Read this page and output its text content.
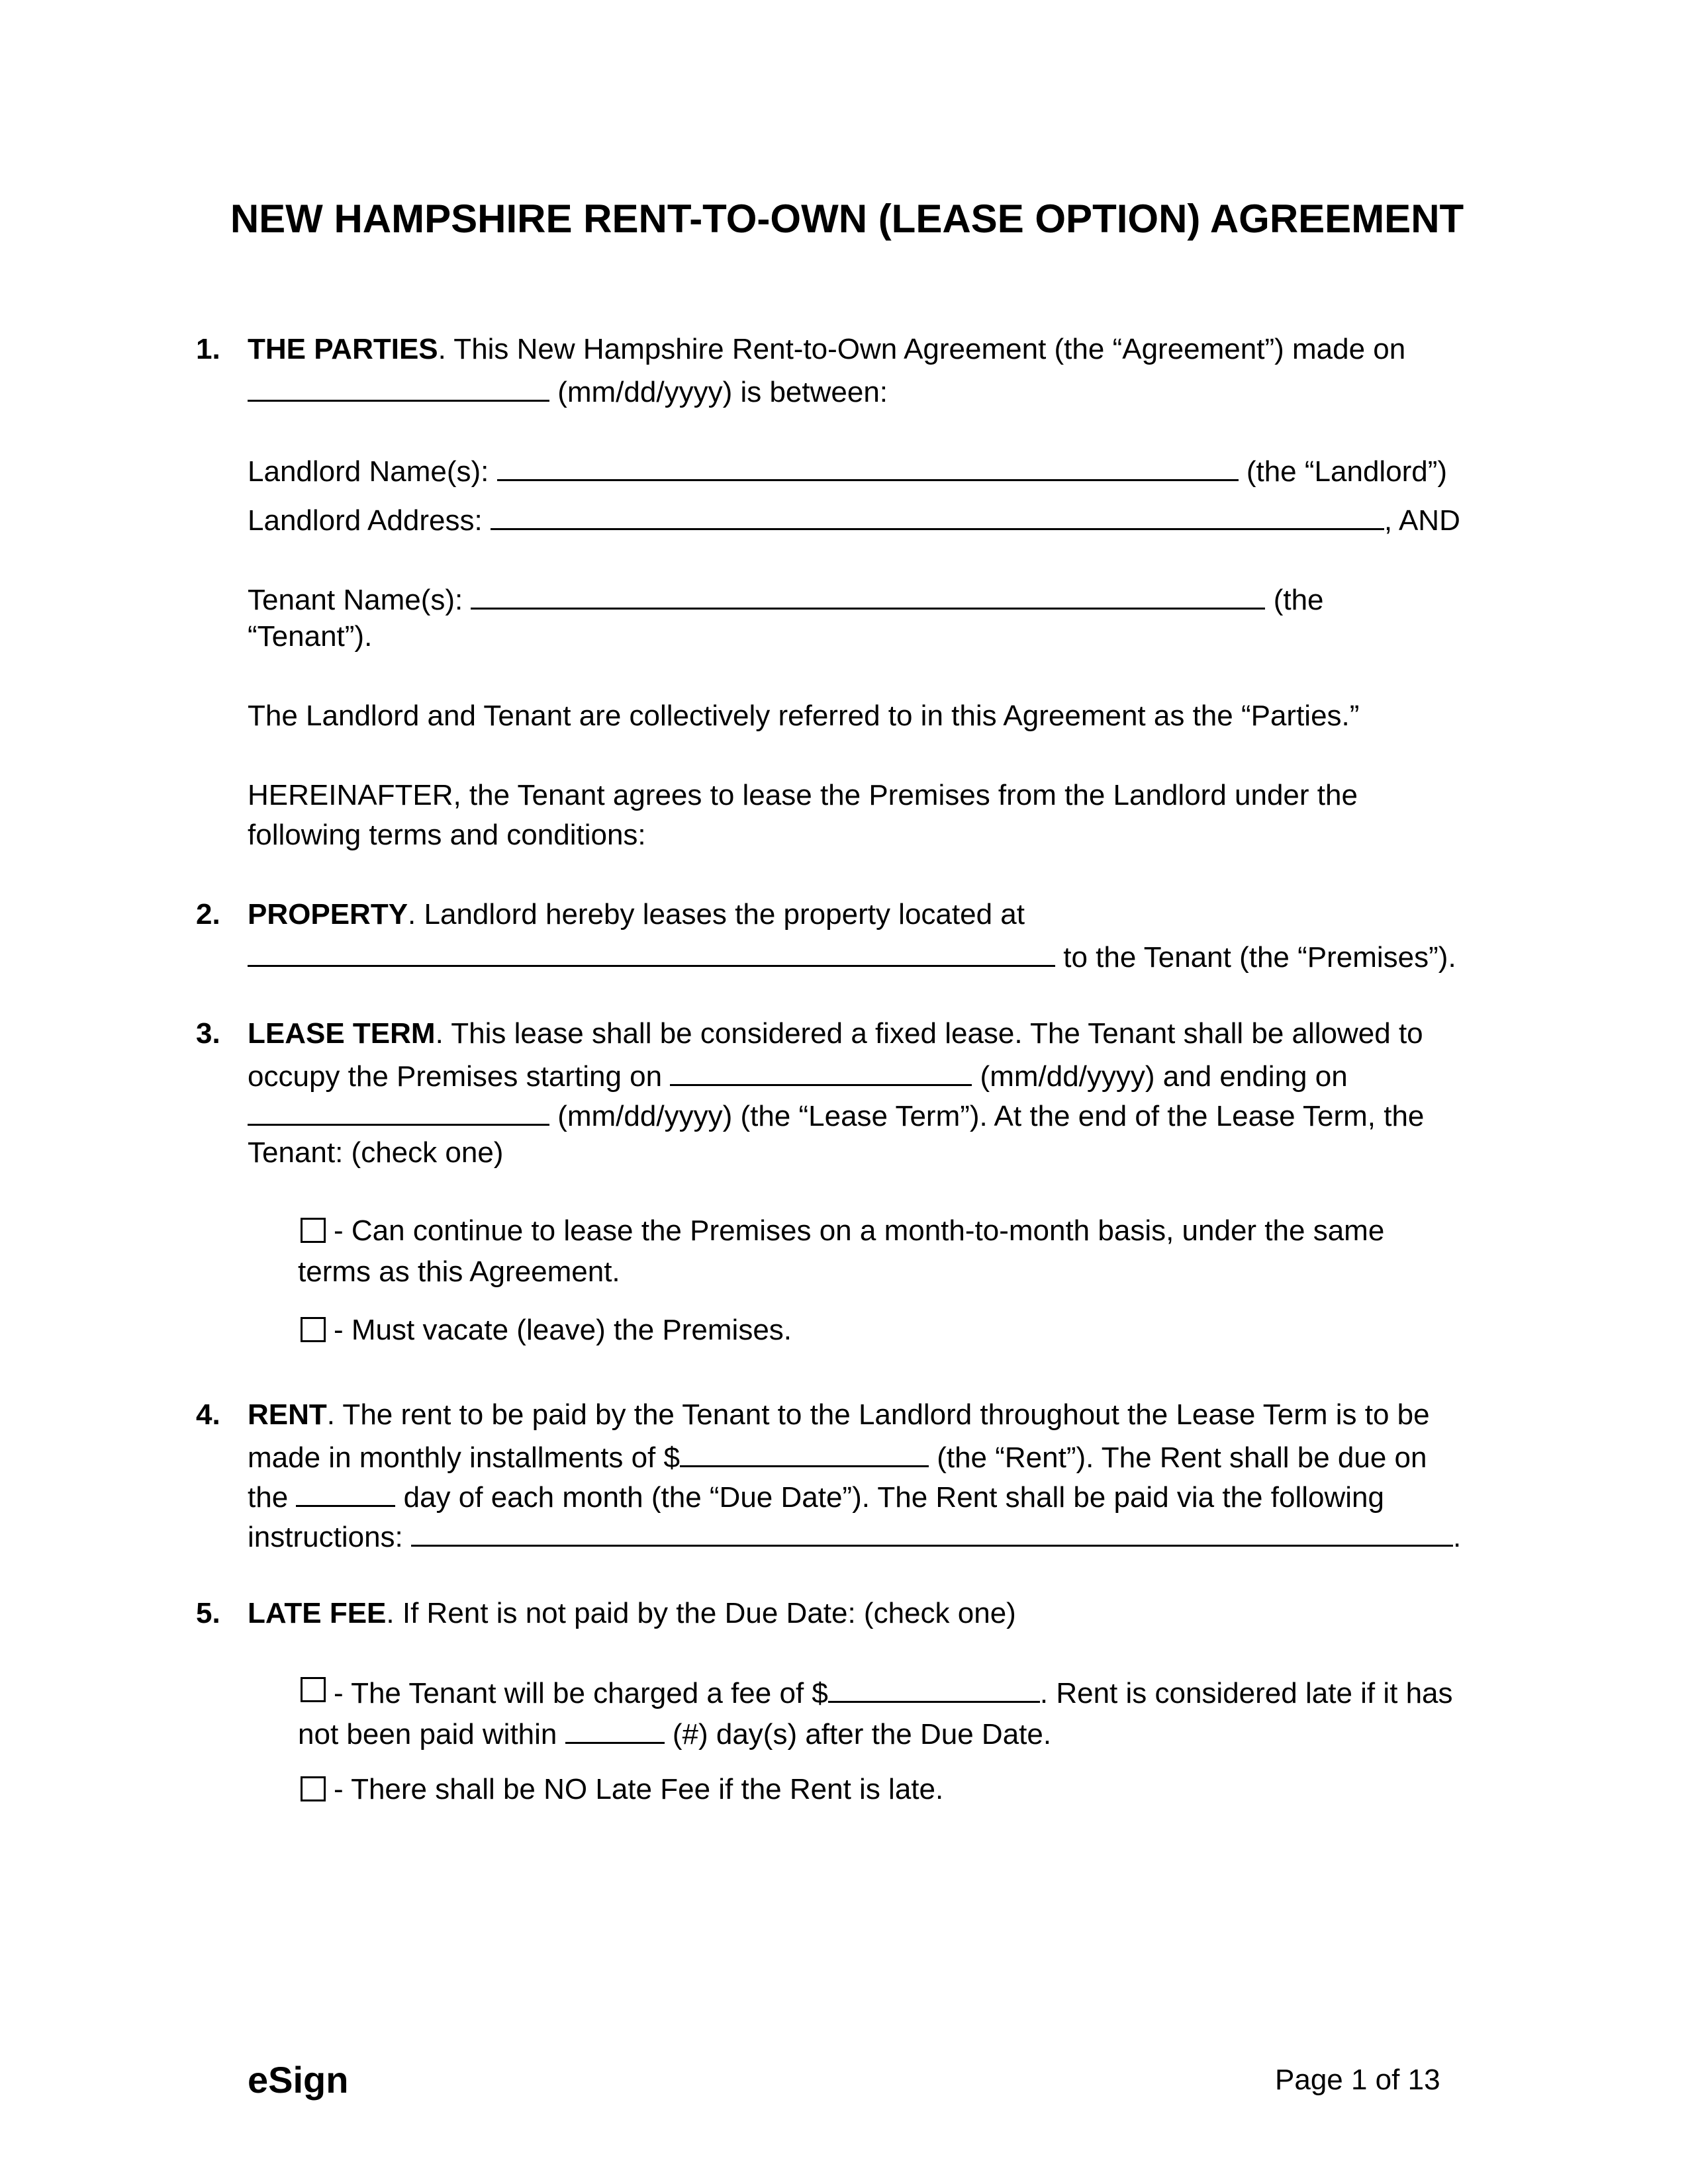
NEW HAMPSHIRE RENT-TO-OWN (LEASE OPTION) AGREEMENT
1. THE PARTIES. This New Hampshire Rent-to-Own Agreement (the “Agreement”) made on
(mm/dd/yyyy) is between:
Landlord Name(s):	(the “Landlord”)
Landlord Address:	, AND
Tenant Name(s):	(the
“Tenant”).
The Landlord and Tenant are collectively referred to in this Agreement as the “Parties.”
HEREINAFTER, the Tenant agrees to lease the Premises from the Landlord under the
following terms and conditions:
2. PROPERTY. Landlord hereby leases the property located at
to the Tenant (the “Premises”).
3. LEASE TERM. This lease shall be considered a fixed lease. The Tenant shall be allowed to
occupy the Premises starting on	(mm/dd/yyyy) and ending on
(mm/dd/yyyy) (the “Lease Term”). At the end of the Lease Term, the
Tenant: (check one)
- Can continue to lease the Premises on a month-to-month basis, under the same
terms as this Agreement.
- Must vacate (leave) the Premises.
4. RENT. The rent to be paid by the Tenant to the Landlord throughout the Lease Term is to be
made in monthly installments of $	(the “Rent”). The Rent shall be due on
the	day of each month (the “Due Date”). The Rent shall be paid via the following
instructions:	.
5. LATE FEE. If Rent is not paid by the Due Date: (check one)
- The Tenant will be charged a fee of $	. Rent is considered late if it has
not been paid within	(#) day(s) after the Due Date.
- There shall be NO Late Fee if the Rent is late.
eSign	Page 1 of 13
